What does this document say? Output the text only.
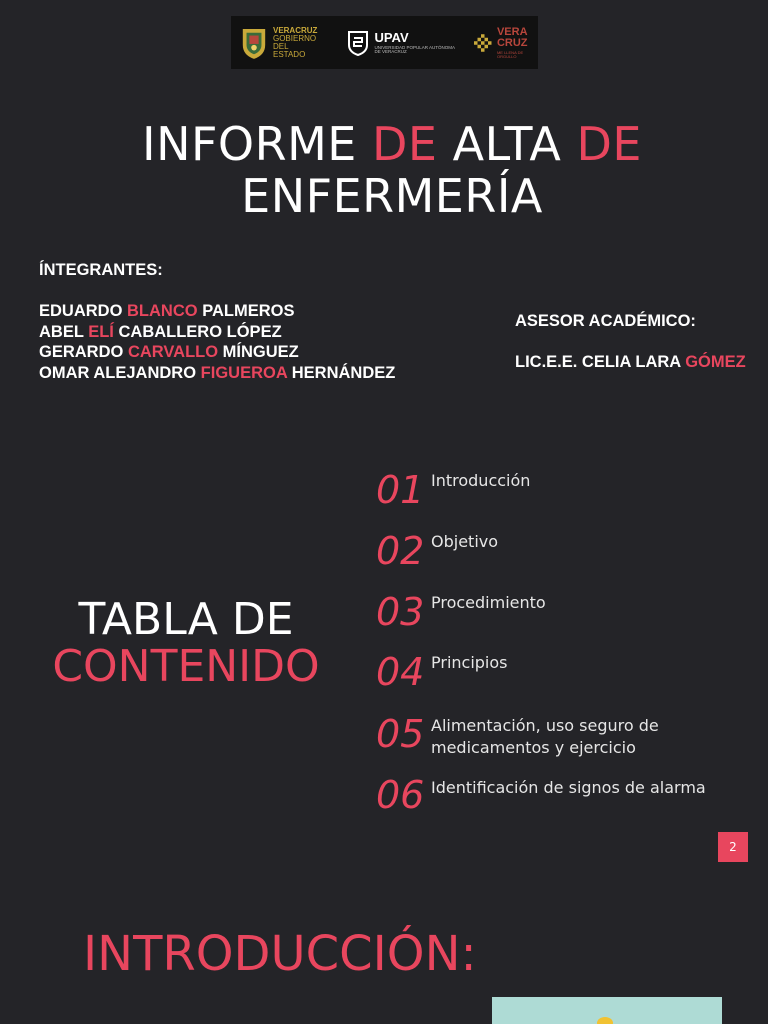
VERACRUZ
GOBIERNO
DEL ESTADO
UPAV
UNIVERSIDAD POPULAR AUTÓNOMA DE VERACRUZ
VERA
CRUZ
ME LLENA DE ORGULLO
INFORME DE ALTA DE
ENFERMERÍA
ÍNTEGRANTES:
EDUARDO BLANCO PALMEROS
ABEL ELÍ CABALLERO LÓPEZ
GERARDO CARVALLO MÍNGUEZ
OMAR ALEJANDRO FIGUEROA HERNÁNDEZ
ASESOR ACADÉMICO:
LIC.E.E. CELIA LARA GÓMEZ
TABLA DE
CONTENIDO
01 Introducción
02 Objetivo
03 Procedimiento
04 Principios
05 Alimentación, uso seguro de medicamentos y ejercicio
06 Identificación de signos de alarma
2
INTRODUCCIÓN:
